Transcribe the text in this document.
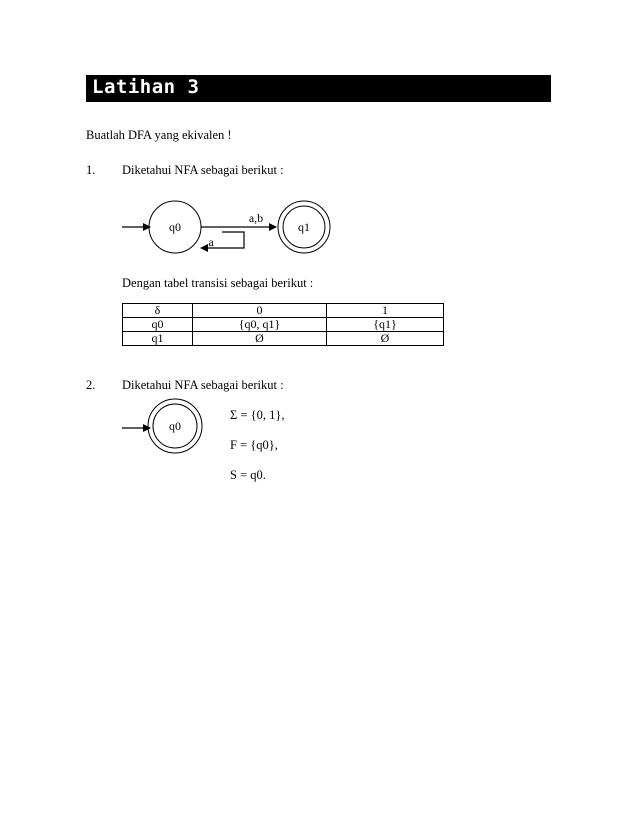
Latihan 3
Buatlah DFA yang ekivalen !
1. Diketahui NFA sebagai berikut :
q0
a,b
a
q1
q0
Dengan tabel transisi sebagai berikut :
δ	0	1
q0	{q0, q1}	{q1}
q1	Ø	Ø
2. Diketahui NFA sebagai berikut :
Σ = {0, 1},
F = {q0},
S = q0.
